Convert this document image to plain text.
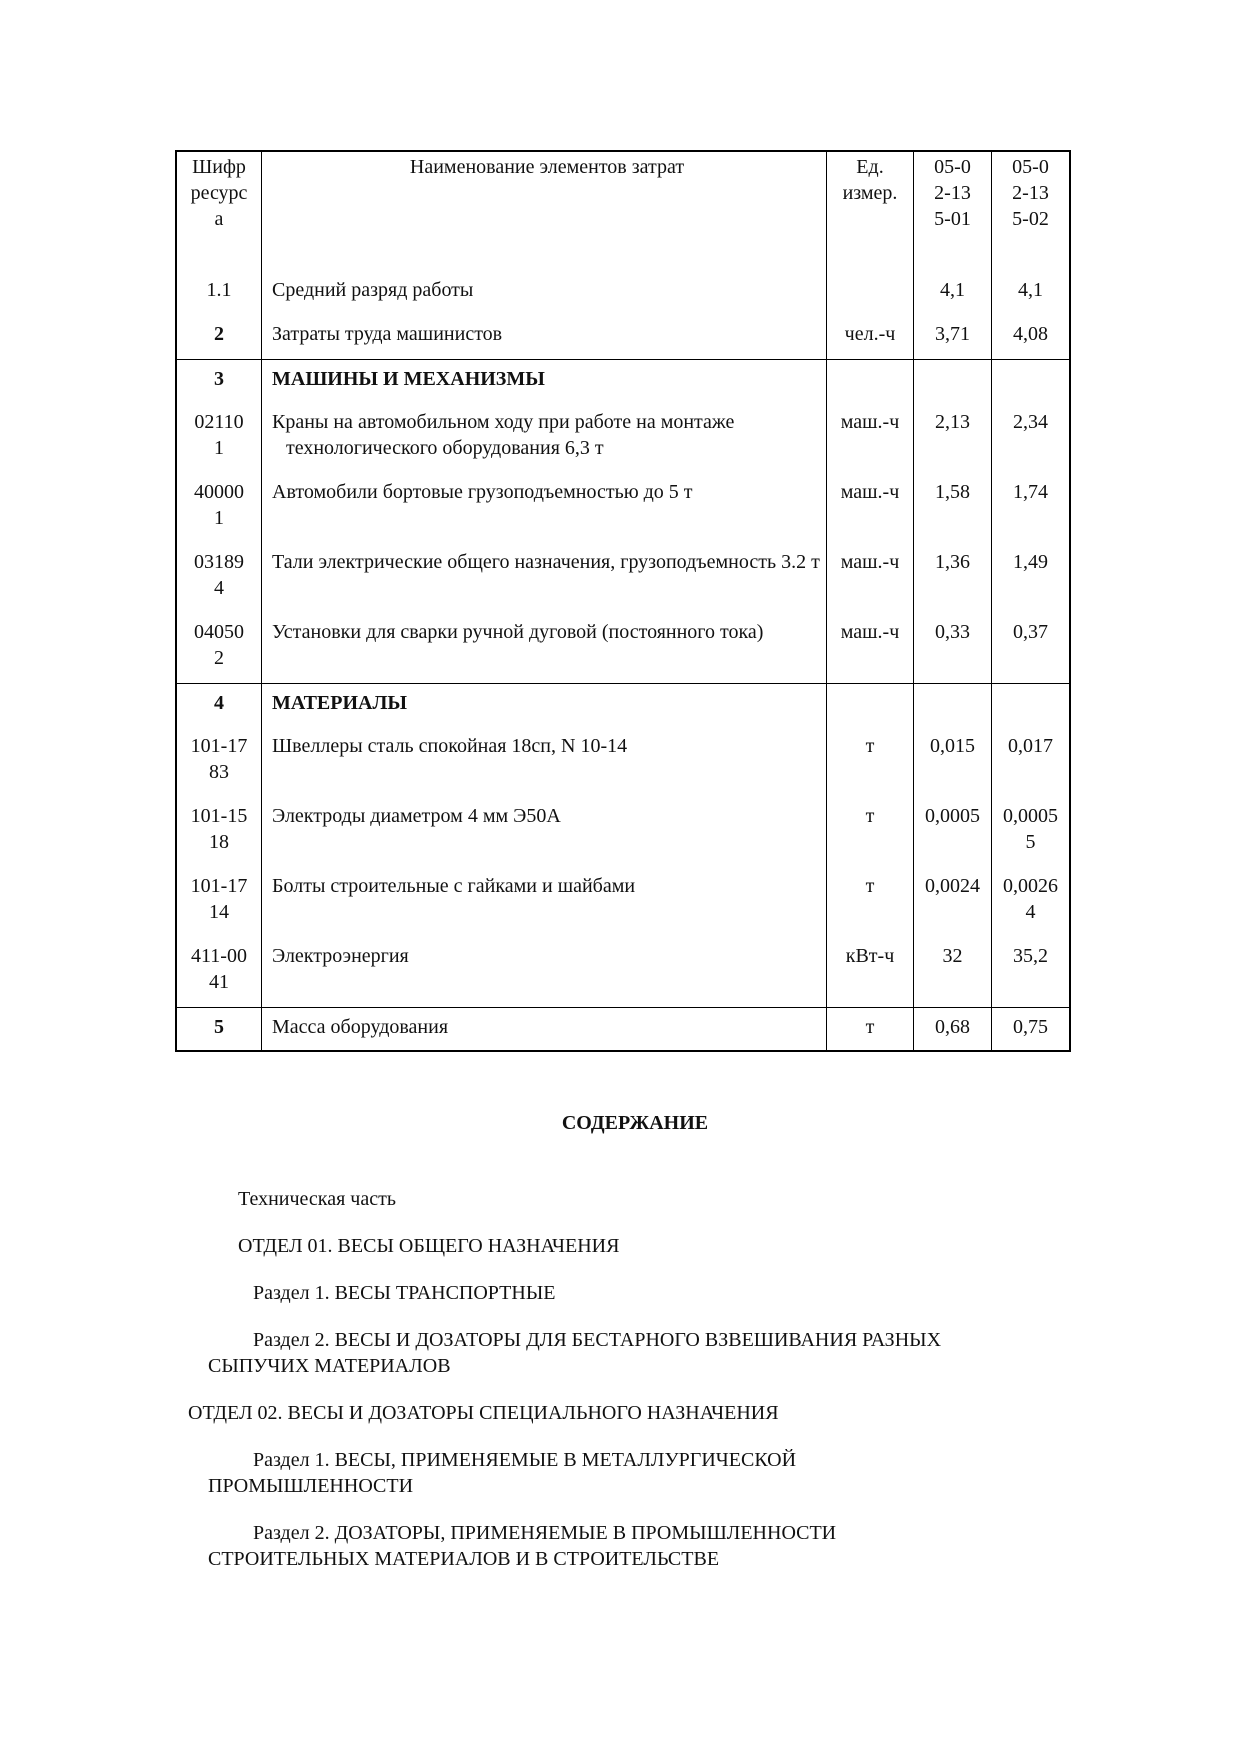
Шифр ресурса	Наименование элементов затрат	Ед. измер.	05-02-135-01	05-02-135-02

1.1	Средний разряд работы		4,1	4,1

2	Затраты труда машинистов	чел.-ч	3,71	4,08

3	МАШИНЫ И МЕХАНИЗМЫ			

021101	Краны на автомобильном ходу при работе на монтаже технологического оборудования 6,3 т	маш.-ч	2,13	2,34

400001	Автомобили бортовые грузоподъемностью до 5 т	маш.-ч	1,58	1,74

031894	Тали электрические общего назначения, грузоподъемность 3.2 т	маш.-ч	1,36	1,49

040502	Установки для сварки ручной дуговой (постоянного тока)	маш.-ч	0,33	0,37

4	МАТЕРИАЛЫ			

101-1783	Швеллеры сталь спокойная 18сп, N 10-14	т	0,015	0,017

101-1518	Электроды диаметром 4 мм Э50А	т	0,0005	0,00055

101-1714	Болты строительные с гайками и шайбами	т	0,0024	0,00264

411-0041	Электроэнергия	кВт-ч	32	35,2

5	Масса оборудования	т	0,68	0,75
СОДЕРЖАНИЕ
Техническая часть
ОТДЕЛ 01. ВЕСЫ ОБЩЕГО НАЗНАЧЕНИЯ
Раздел 1. ВЕСЫ ТРАНСПОРТНЫЕ
Раздел 2. ВЕСЫ И ДОЗАТОРЫ ДЛЯ БЕСТАРНОГО ВЗВЕШИВАНИЯ РАЗНЫХ
СЫПУЧИХ МАТЕРИАЛОВ
ОТДЕЛ 02. ВЕСЫ И ДОЗАТОРЫ СПЕЦИАЛЬНОГО НАЗНАЧЕНИЯ
Раздел 1. ВЕСЫ, ПРИМЕНЯЕМЫЕ В МЕТАЛЛУРГИЧЕСКОЙ
ПРОМЫШЛЕННОСТИ
Раздел 2. ДОЗАТОРЫ, ПРИМЕНЯЕМЫЕ В ПРОМЫШЛЕННОСТИ
СТРОИТЕЛЬНЫХ МАТЕРИАЛОВ И В СТРОИТЕЛЬСТВЕ
